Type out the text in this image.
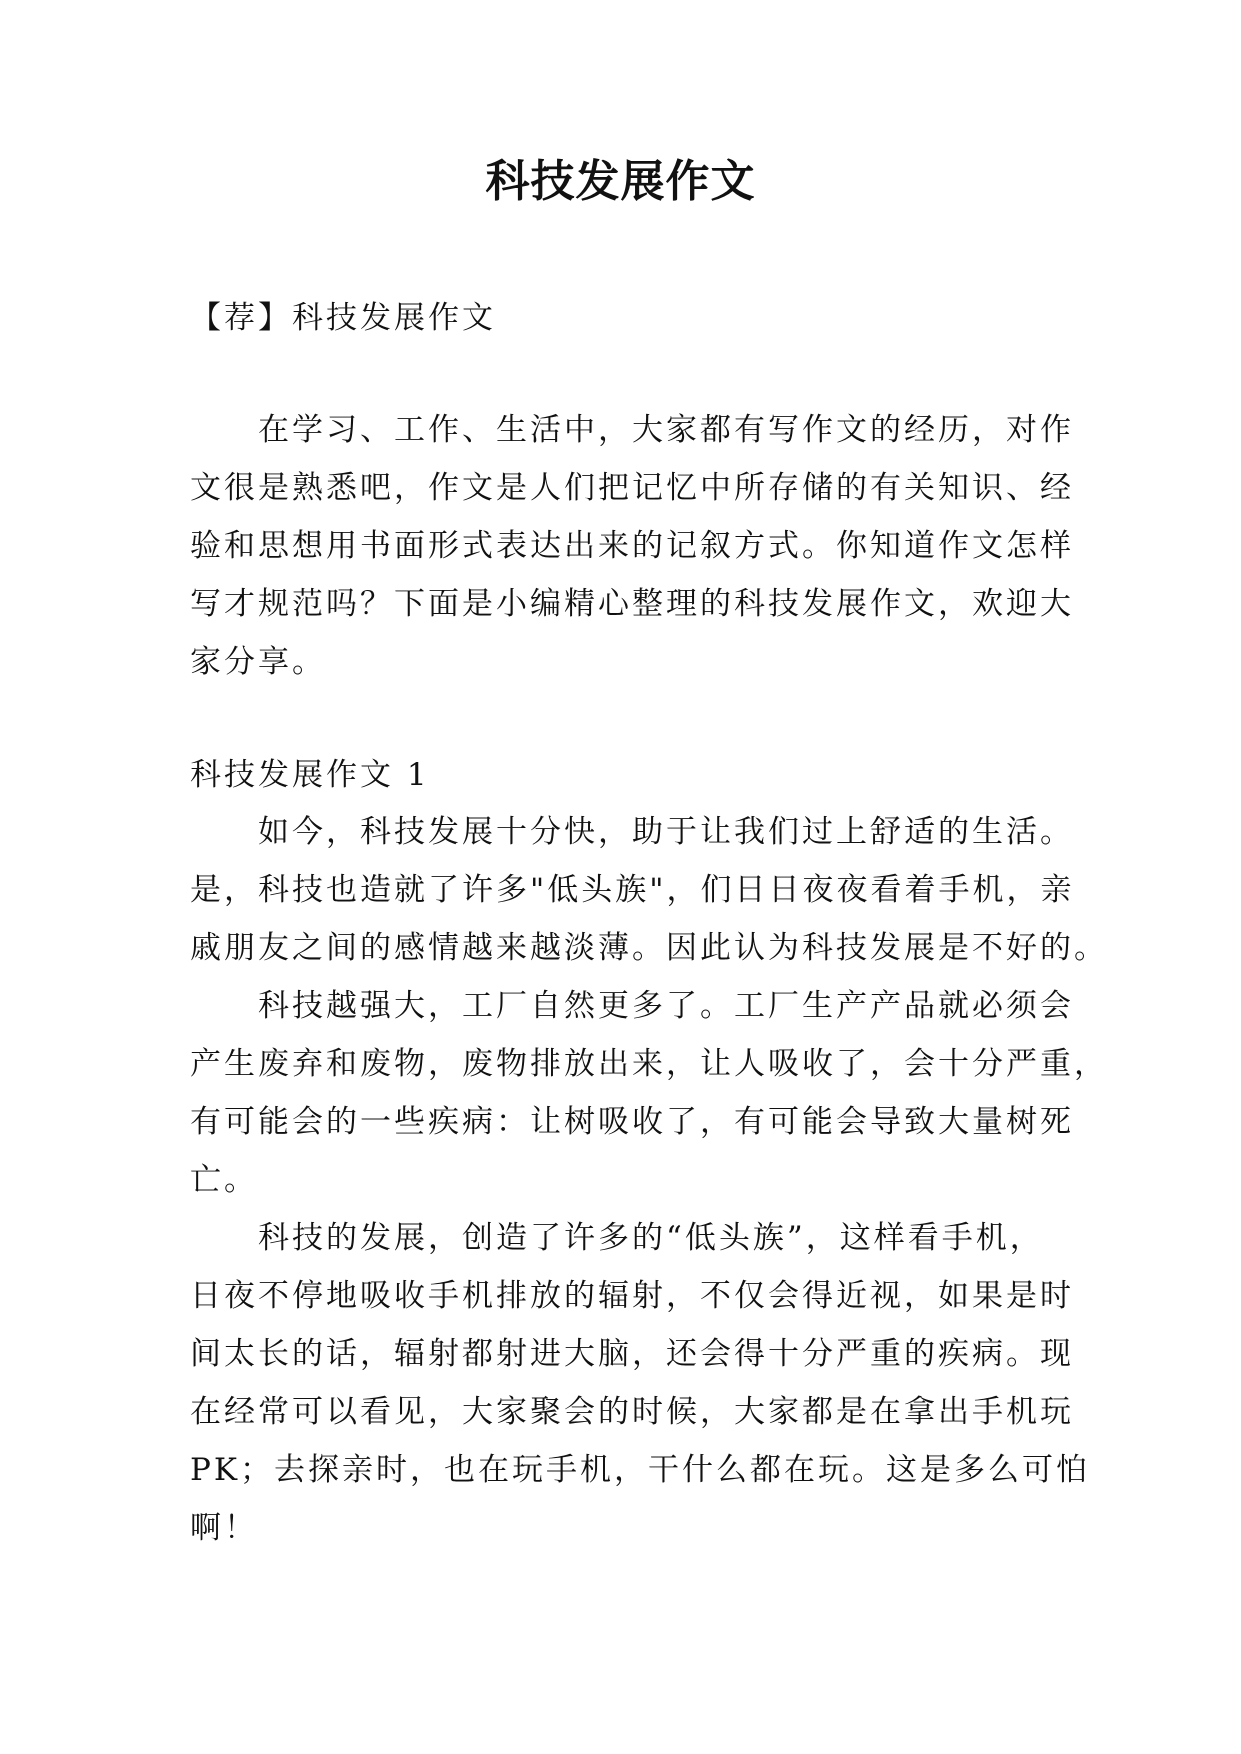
科技发展作文

【荐】科技发展作文

在学习、工作、生活中，大家都有写作文的经历，对作

文很是熟悉吧，作文是人们把记忆中所存储的有关知识、经

验和思想用书面形式表达出来的记叙方式。你知道作文怎样

写才规范吗？下面是小编精心整理的科技发展作文，欢迎大

家分享。

科技发展作文 1

如今，科技发展十分快，助于让我们过上舒适的生活。

是，科技也造就了许多"低头族"，们日日夜夜看着手机，亲

戚朋友之间的感情越来越淡薄。因此认为科技发展是不好的。

科技越强大，工厂自然更多了。工厂生产产品就必须会

产生废弃和废物，废物排放出来，让人吸收了，会十分严重，

有可能会的一些疾病：让树吸收了，有可能会导致大量树死

亡。

科技的发展，创造了许多的“低头族”，这样看手机，

日夜不停地吸收手机排放的辐射，不仅会得近视，如果是时

间太长的话，辐射都射进大脑，还会得十分严重的疾病。现

在经常可以看见，大家聚会的时候，大家都是在拿出手机玩

PK；去探亲时，也在玩手机，干什么都在玩。这是多么可怕

啊！
